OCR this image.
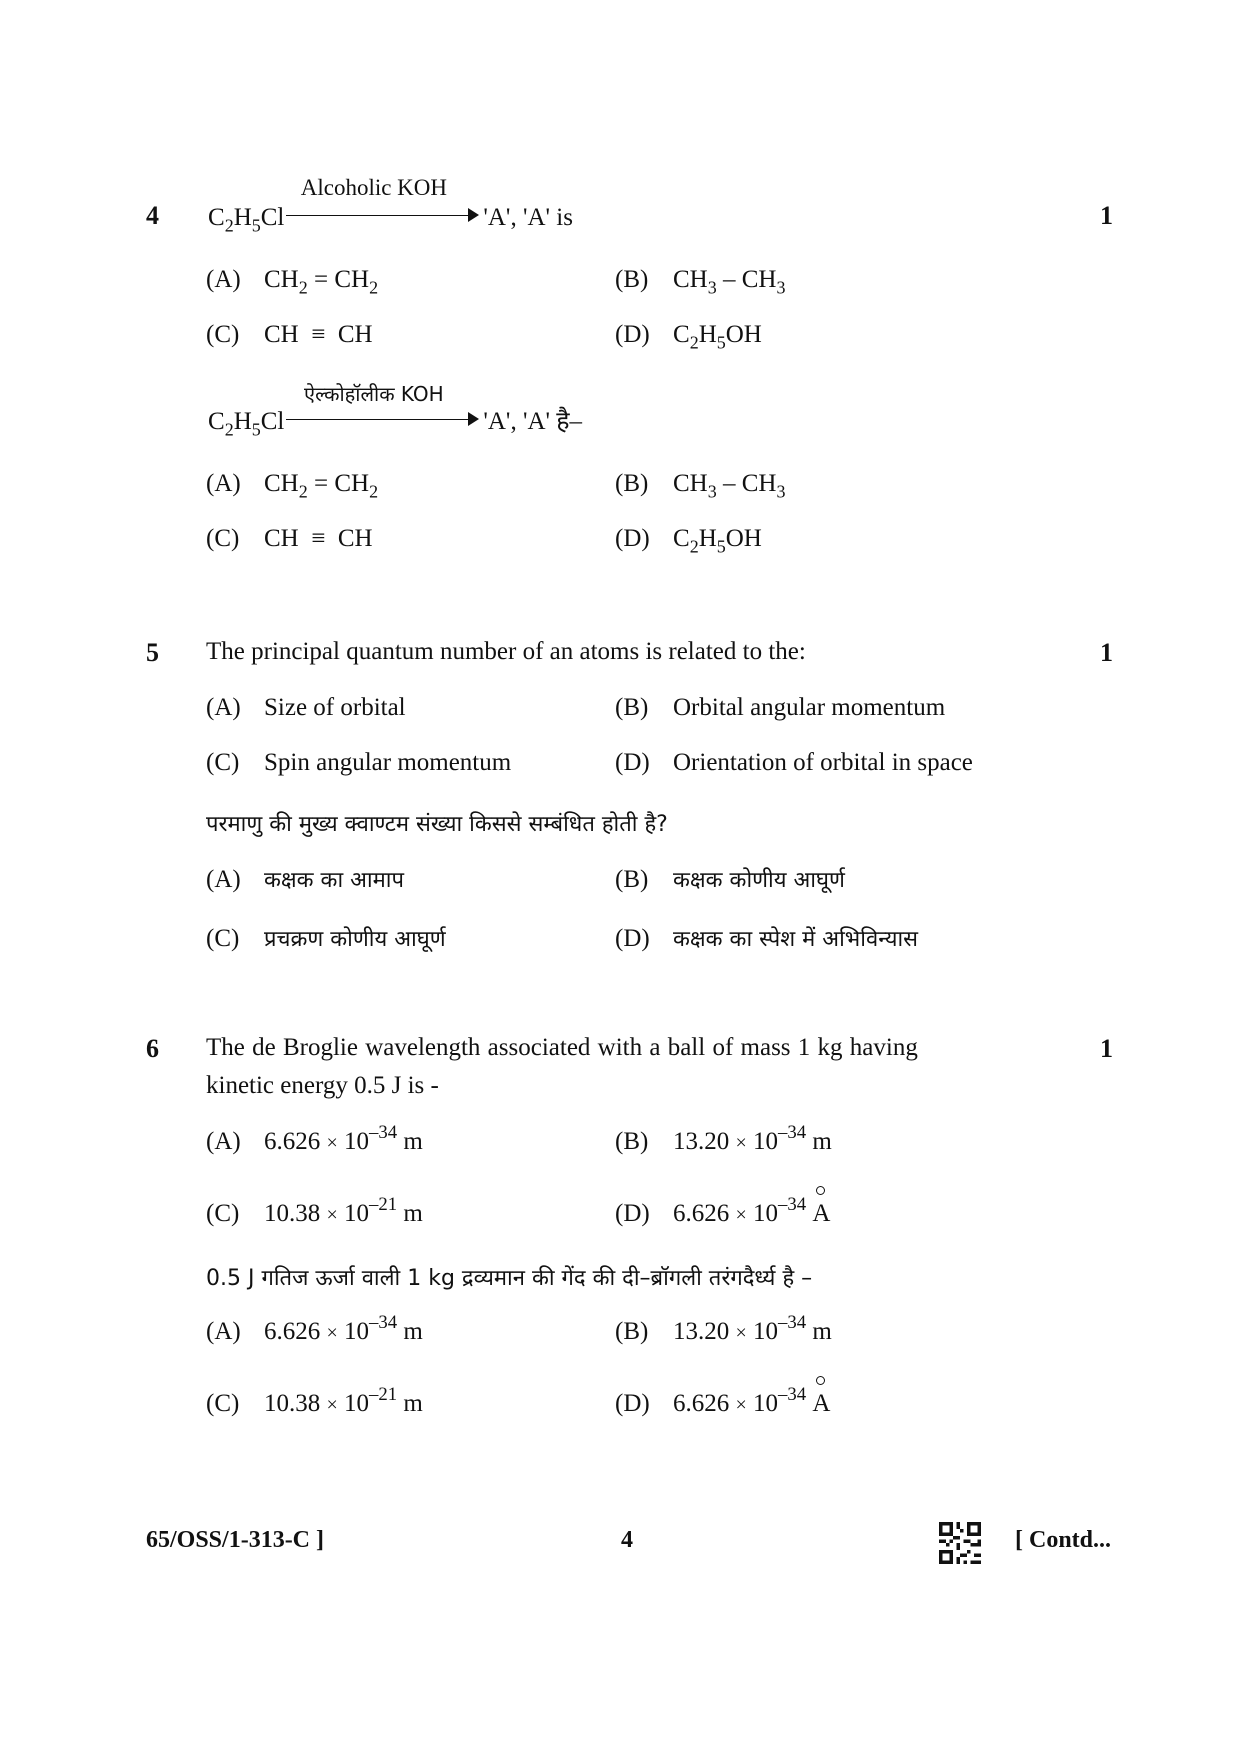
4	1
$C_2H_5Cl$
Alcoholic KOH
'A', 'A' is
(A) $CH_2 = CH_2$	(B) $CH_3 - CH_3$
(C) CH  ≡  CH	(D) $C_2H_5OH$
$C_2H_5Cl$
ऐल्कोहॉलीक KOH
'A', 'A' है–
(A) $CH_2 = CH_2$	(B) $CH_3 - CH_3$
(C) CH  ≡  CH	(D) $C_2H_5OH$
5	1
The principal quantum number of an atoms is related to the:
(A) Size of orbital	(B) Orbital angular momentum
(C) Spin angular momentum	(D) Orientation of orbital in space
परमाणु की मुख्य क्वाण्टम संख्या किससे सम्बंधित होती है?
(A) कक्षक का आमाप	(B) कक्षक कोणीय आघूर्ण
(C) प्रचक्रण कोणीय आघूर्ण	(D) कक्षक का स्पेश में अभिविन्यास
6	1
The de Broglie wavelength associated with a ball of mass 1 kg having
kinetic energy 0.5 J is -
(A) $6.626 \times 10^{-34}$ m	(B) $13.20 \times 10^{-34}$ m
(C) $10.38 \times 10^{-21}$ m	(D) $6.626 \times 10^{-34}$ A
0.5 J गतिज ऊर्जा वाली 1 kg द्रव्यमान की गेंद की दी–ब्रॉगली तरंगदैर्ध्य है –
(A) $6.626 \times 10^{-34}$ m	(B) $13.20 \times 10^{-34}$ m
(C) $10.38 \times 10^{-21}$ m	(D) $6.626 \times 10^{-34}$ A
65/OSS/1-313-C ]	4	[ Contd...
